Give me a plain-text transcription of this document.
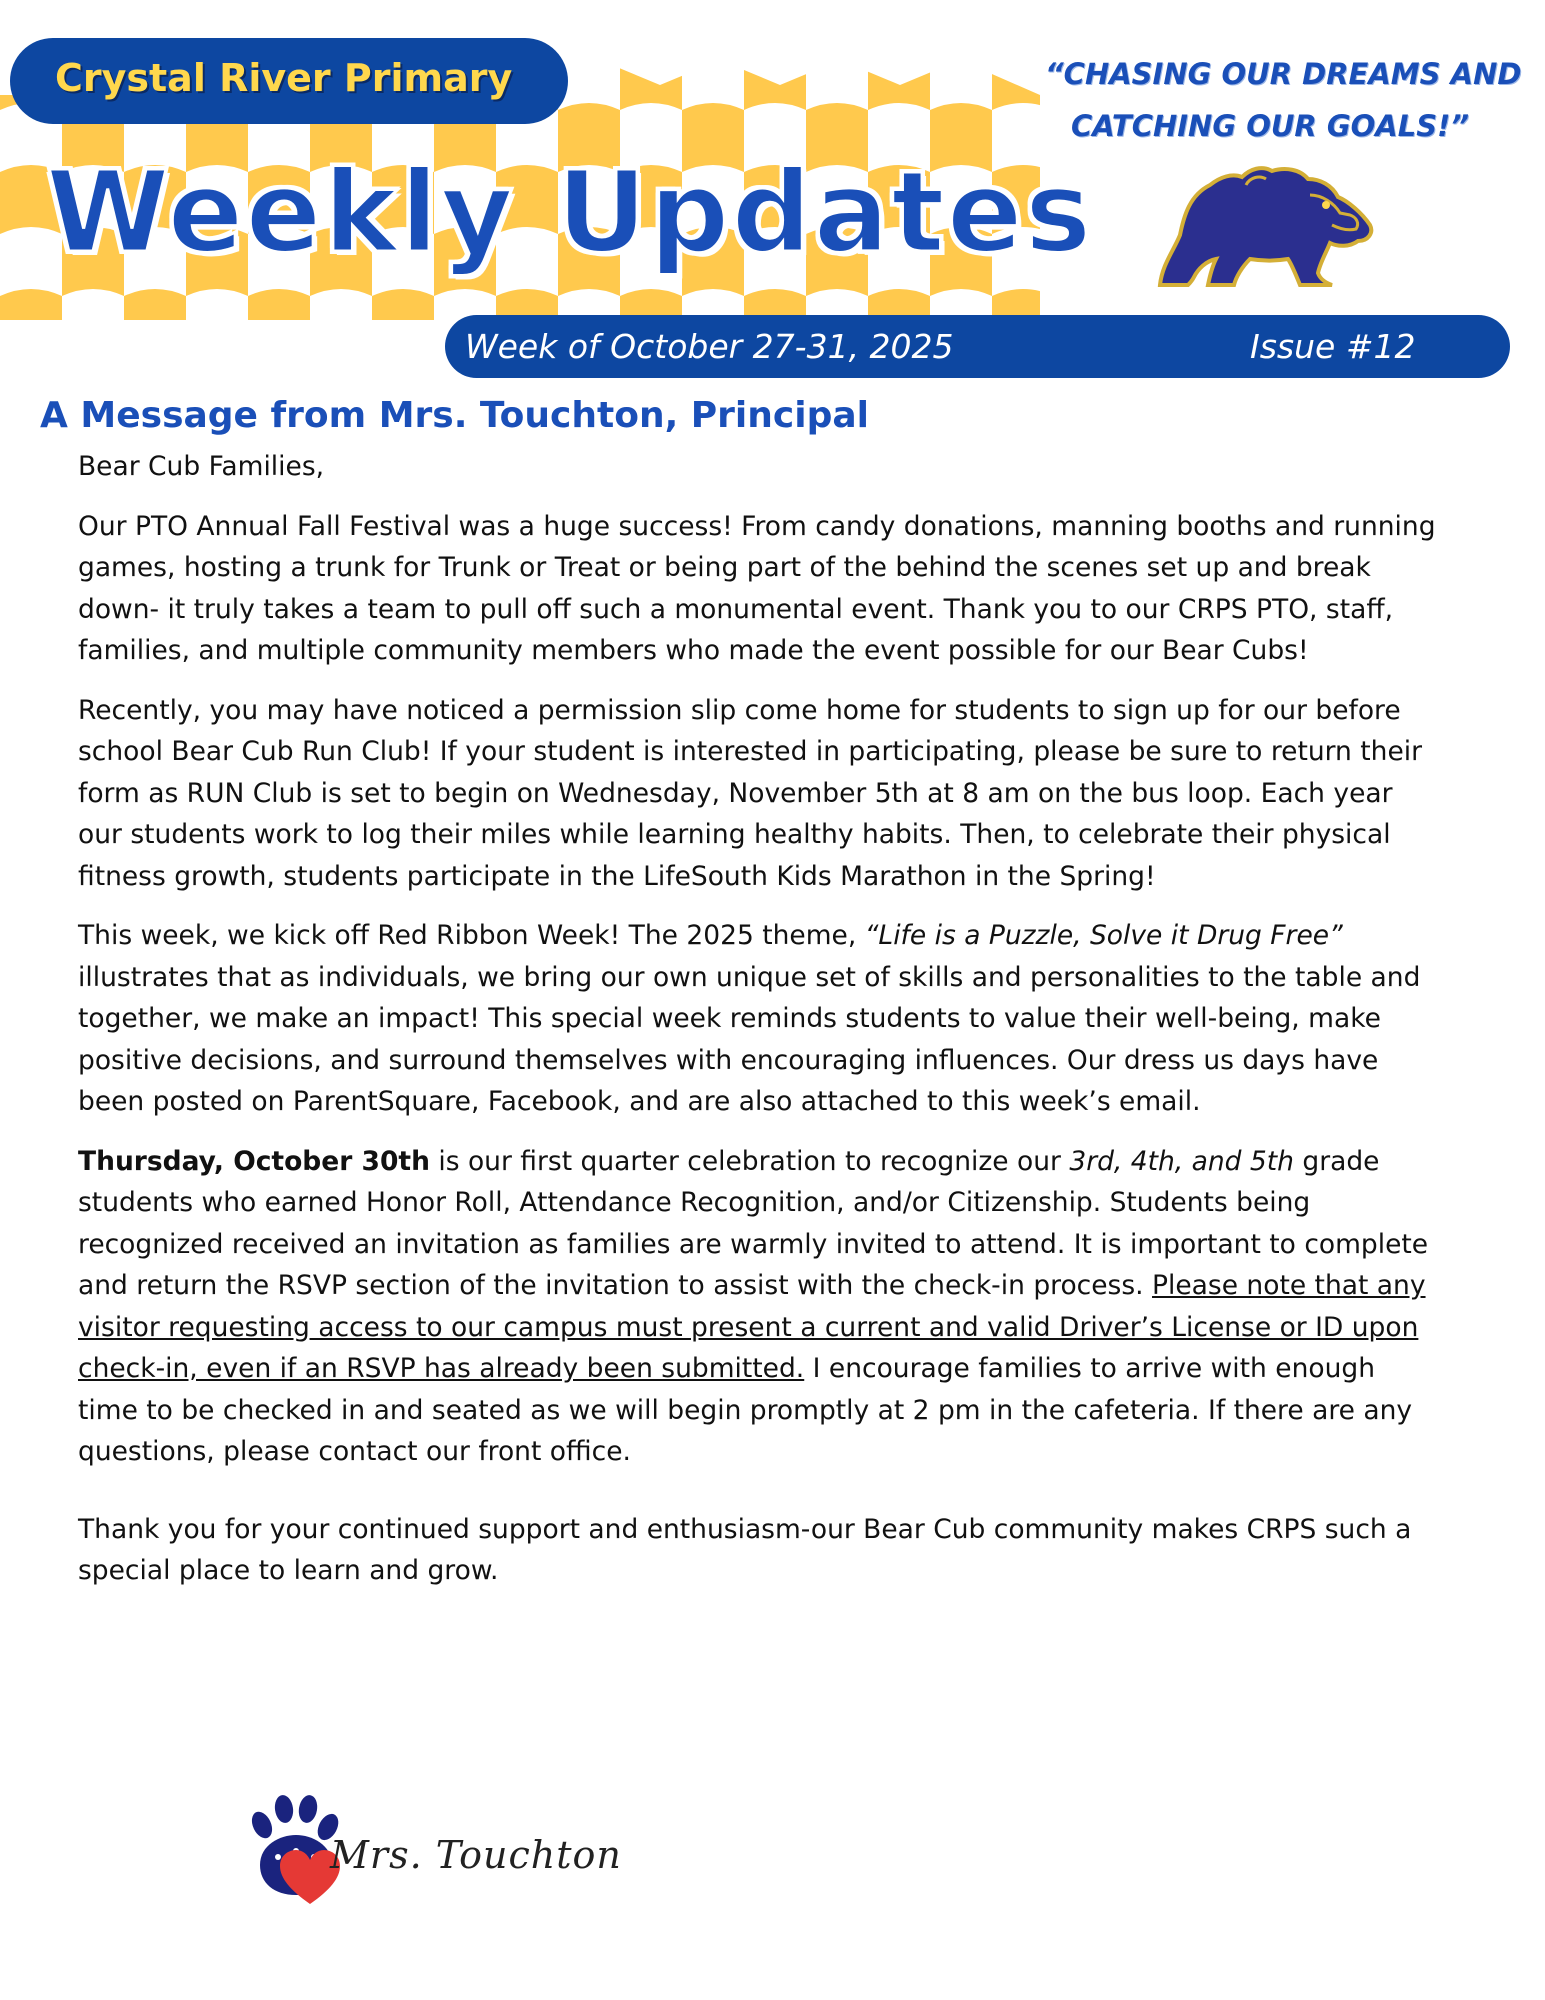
Crystal River Primary
Weekly Updates
“CHASING OUR DREAMS AND
CATCHING OUR GOALS!”
Week of October 27-31, 2025	Issue #12
A Message from Mrs. Touchton, Principal

Bear Cub Families,

Our PTO Annual Fall Festival was a huge success! From candy donations, manning booths and running games, hosting a trunk for Trunk or Treat or being part of the behind the scenes set up and break down- it truly takes a team to pull off such a monumental event. Thank you to our CRPS PTO, staff, families, and multiple community members who made the event possible for our Bear Cubs!

Recently, you may have noticed a permission slip come home for students to sign up for our before school Bear Cub Run Club! If your student is interested in participating, please be sure to return their form as RUN Club is set to begin on Wednesday, November 5th at 8 am on the bus loop. Each year our students work to log their miles while learning healthy habits. Then, to celebrate their physical fitness growth, students participate in the LifeSouth Kids Marathon in the Spring!

This week, we kick off Red Ribbon Week! The 2025 theme, “Life is a Puzzle, Solve it Drug Free” illustrates that as individuals, we bring our own unique set of skills and personalities to the table and together, we make an impact! This special week reminds students to value their well-being, make positive decisions, and surround themselves with encouraging influences. Our dress us days have been posted on ParentSquare, Facebook, and are also attached to this week’s email.

Thursday, October 30th is our first quarter celebration to recognize our 3rd, 4th, and 5th grade students who earned Honor Roll, Attendance Recognition, and/or Citizenship. Students being recognized received an invitation as families are warmly invited to attend. It is important to complete and return the RSVP section of the invitation to assist with the check-in process. Please note that any visitor requesting access to our campus must present a current and valid Driver’s License or ID upon check-in, even if an RSVP has already been submitted. I encourage families to arrive with enough time to be checked in and seated as we will begin promptly at 2 pm in the cafeteria. If there are any questions, please contact our front office.

Thank you for your continued support and enthusiasm-our Bear Cub community makes CRPS such a special place to learn and grow.

Mrs. Touchton
